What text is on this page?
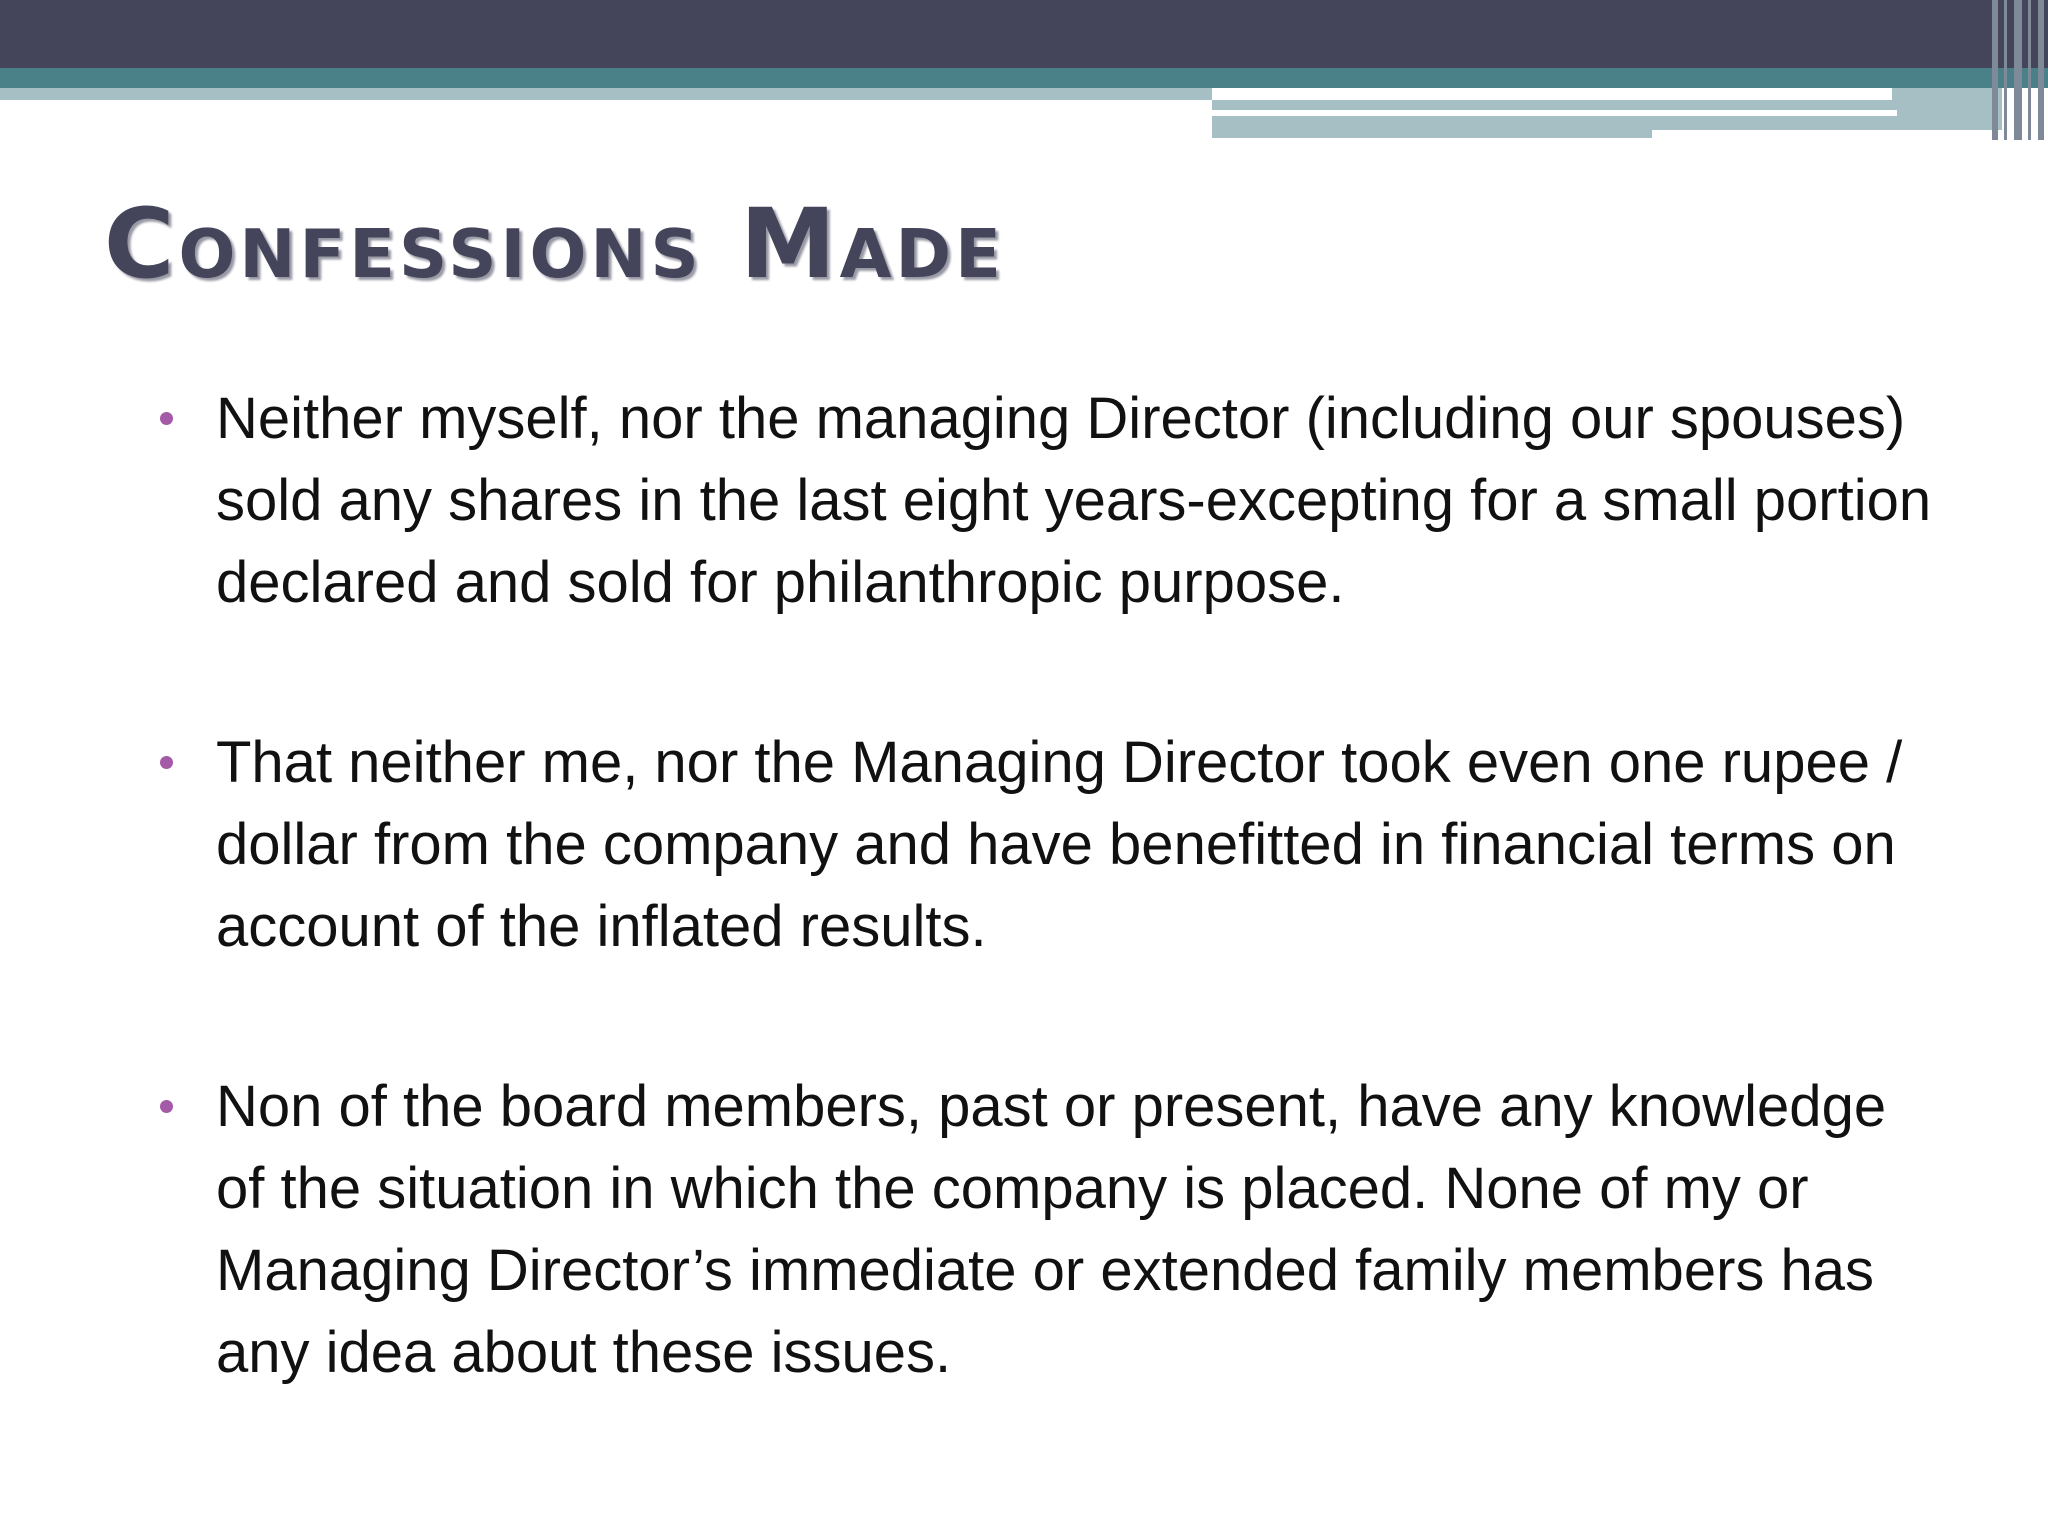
Confessions Made
Neither myself, nor the managing Director (including our spouses) sold any shares in the last eight years-excepting for a small portion declared and sold for philanthropic purpose.
That neither me, nor the Managing Director took even one rupee / dollar from the company and have benefitted in financial terms on account of the inflated results.
Non of the board members, past or present, have any knowledge of the situation in which the company is placed. None of my or Managing Director’s immediate or extended family members has any idea about these issues.
